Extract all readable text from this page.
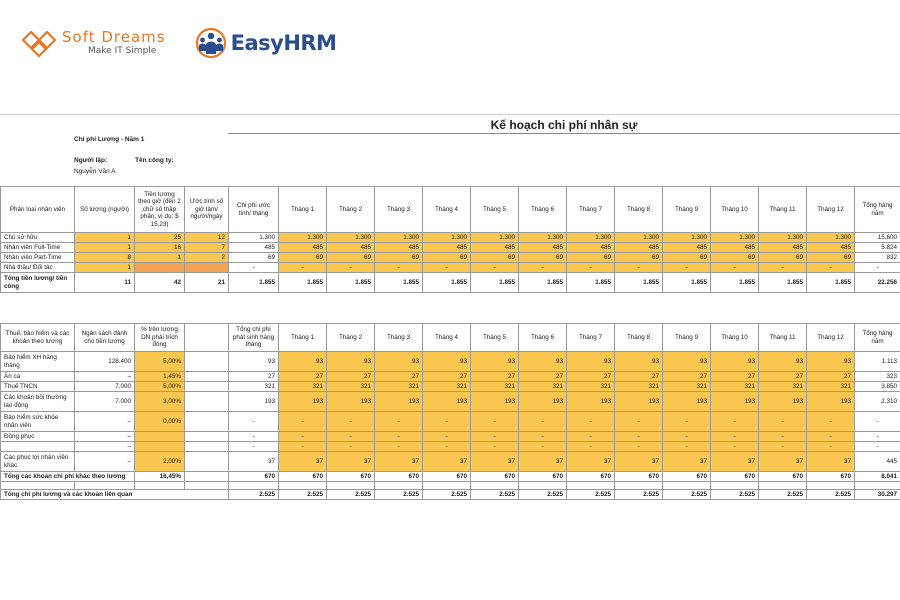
Soft Dreams
Make IT Simple	EasyHRM
Kế hoạch chi phí nhân sự
Chi phí Lương - Năm 1
Người lập:	Tên công ty:
Nguyễn Văn A
Phân loại nhân viên	Số lượng (người)	Tiền lương theo giờ (đến 2 chữ số thập phân, ví dụ: $ 15,23)	Ước tính số giờ làm/ người/ngày	Chi phí ước tính/ tháng	Tháng 1	Tháng 2	Tháng 3	Tháng 4	Tháng 5	Tháng 6	Tháng 7	Tháng 8	Tháng 9	Tháng 10	Tháng 11	Tháng 12	Tổng hàng năm
Chủ sở hữu	1	25	12	1.300	1.300	1.300	1.300	1.300	1.300	1.300	1.300	1.300	1.300	1.300	1.300	1.300	15.600
Nhân viên Full-Time	1	16	7	485	485	485	485	485	485	485	485	485	485	485	485	485	5.824
Nhân viên Part-Time	8	1	2	69	69	69	69	69	69	69	69	69	69	69	69	69	832
Nhà thầu/ Đối tác	1			-	-	-	-	-	-	-	-	-	-	-	-	-	-
Tổng tiền lương/ tiền công	11	42	21	1.855	1.855	1.855	1.855	1.855	1.855	1.855	1.855	1.855	1.855	1.855	1.855	1.855	22.256
Thuế, bảo hiểm và các khoản theo lương	Ngân sách dành cho tiền lương	% trên lương DN phải trích đóng		Tổng chi phí phát sinh hàng tháng	Tháng 1	Tháng 2	Tháng 3	Tháng 4	Tháng 5	Tháng 6	Tháng 7	Tháng 8	Tháng 9	Tháng 10	Tháng 11	Tháng 12	Tổng hàng năm
Bảo hiểm XH hàng tháng	128.400	5,00%		93	93	93	93	93	93	93	93	93	93	93	93	93	1.113
Ăn ca	–	1,45%		27	27	27	27	27	27	27	27	27	27	27	27	27	323
Thuế TNCN	7.000	5,00%		321	321	321	321	321	321	321	321	321	321	321	321	321	3.850
Các khoản bồi thường lao động	7.000	3,00%		193	193	193	193	193	193	193	193	193	193	193	193	193	2.310
Bảo hiểm sức khỏe nhân viên	–	0,00%		-	-	-	-	-	-	-	-	-	-	-	-	-	-
Đồng phục	–			-	-	-	-	-	-	-	-	-	-	-	-	-	-
	–			-	-	-	-	-	-	-	-	-	-	-	-	-	-
Các phúc lợi nhân viên khác	–	2,00%		37	37	37	37	37	37	37	37	37	37	37	37	37	445
Tổng các khoản chi phí khác theo lương		16,45%		670	670	670	670	670	670	670	670	670	670	670	670	670	8.041

Tổng chi phí lương và các khoản liên quan				2.525	2.525	2.525	2.525	2.525	2.525	2.525	2.525	2.525	2.525	2.525	2.525	2.525	30.297
